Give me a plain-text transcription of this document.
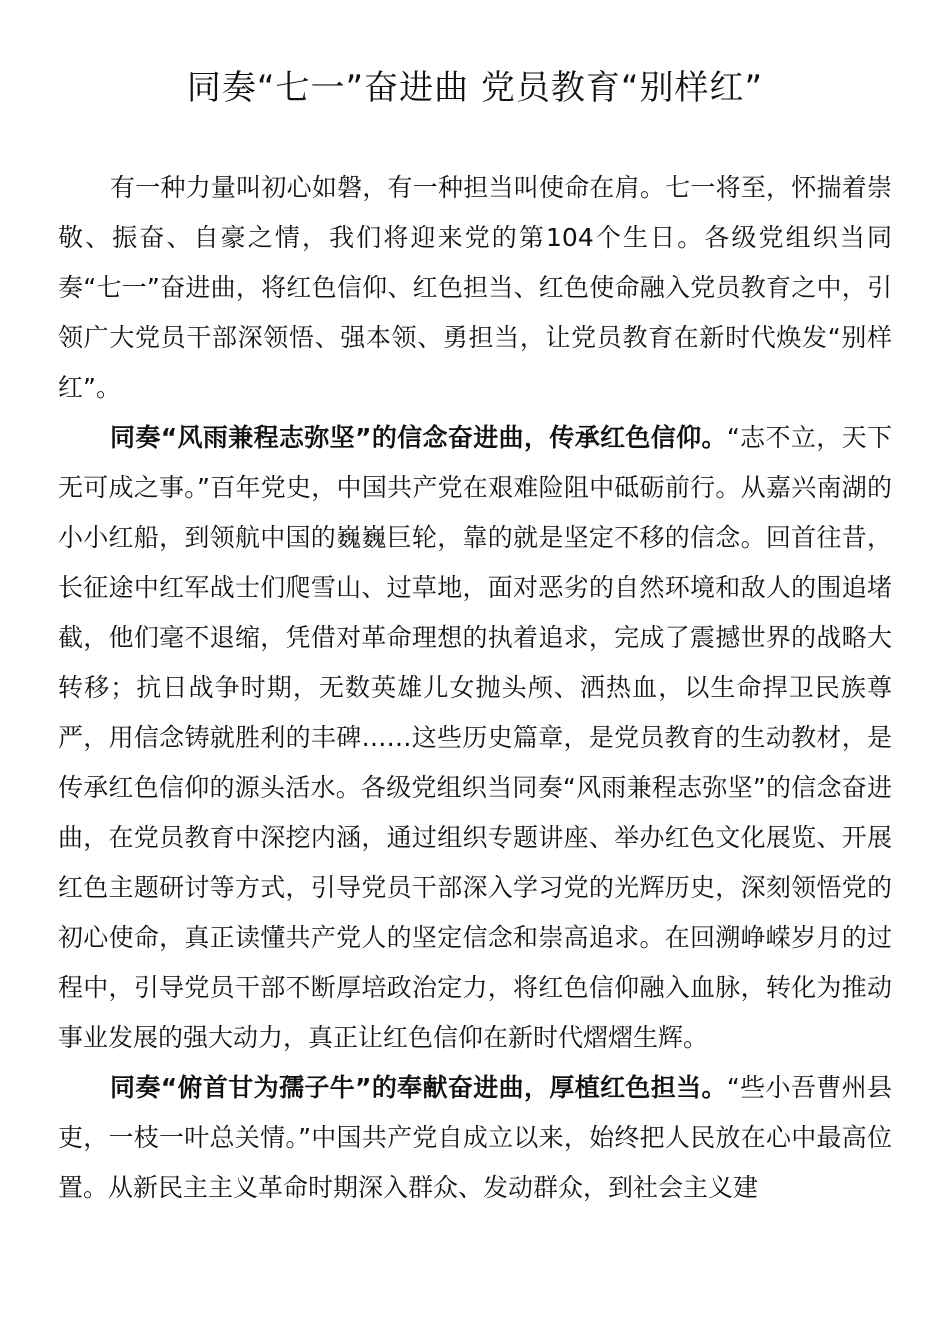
同奏“七一”奋进曲 党员教育“别样红”

有一种力量叫初心如磐，有一种担当叫使命在肩。七一将至，怀揣着崇敬、振奋、自豪之情，我们将迎来党的第104个生日。各级党组织当同奏“七一”奋进曲，将红色信仰、红色担当、红色使命融入党员教育之中，引领广大党员干部深领悟、强本领、勇担当，让党员教育在新时代焕发“别样红”。

同奏“风雨兼程志弥坚”的信念奋进曲，传承红色信仰。“志不立，天下无可成之事。”百年党史，中国共产党在艰难险阻中砥砺前行。从嘉兴南湖的小小红船，到领航中国的巍巍巨轮，靠的就是坚定不移的信念。回首往昔，长征途中红军战士们爬雪山、过草地，面对恶劣的自然环境和敌人的围追堵截，他们毫不退缩，凭借对革命理想的执着追求，完成了震撼世界的战略大转移；抗日战争时期，无数英雄儿女抛头颅、洒热血，以生命捍卫民族尊严，用信念铸就胜利的丰碑……这些历史篇章，是党员教育的生动教材，是传承红色信仰的源头活水。各级党组织当同奏“风雨兼程志弥坚”的信念奋进曲，在党员教育中深挖内涵，通过组织专题讲座、举办红色文化展览、开展红色主题研讨等方式，引导党员干部深入学习党的光辉历史，深刻领悟党的初心使命，真正读懂共产党人的坚定信念和崇高追求。在回溯峥嵘岁月的过程中，引导党员干部不断厚培政治定力，将红色信仰融入血脉，转化为推动事业发展的强大动力，真正让红色信仰在新时代熠熠生辉。

同奏“俯首甘为孺子牛”的奉献奋进曲，厚植红色担当。“些小吾曹州县吏，一枝一叶总关情。”中国共产党自成立以来，始终把人民放在心中最高位置。从新民主主义革命时期深入群众、发动群众，到社会主义建
